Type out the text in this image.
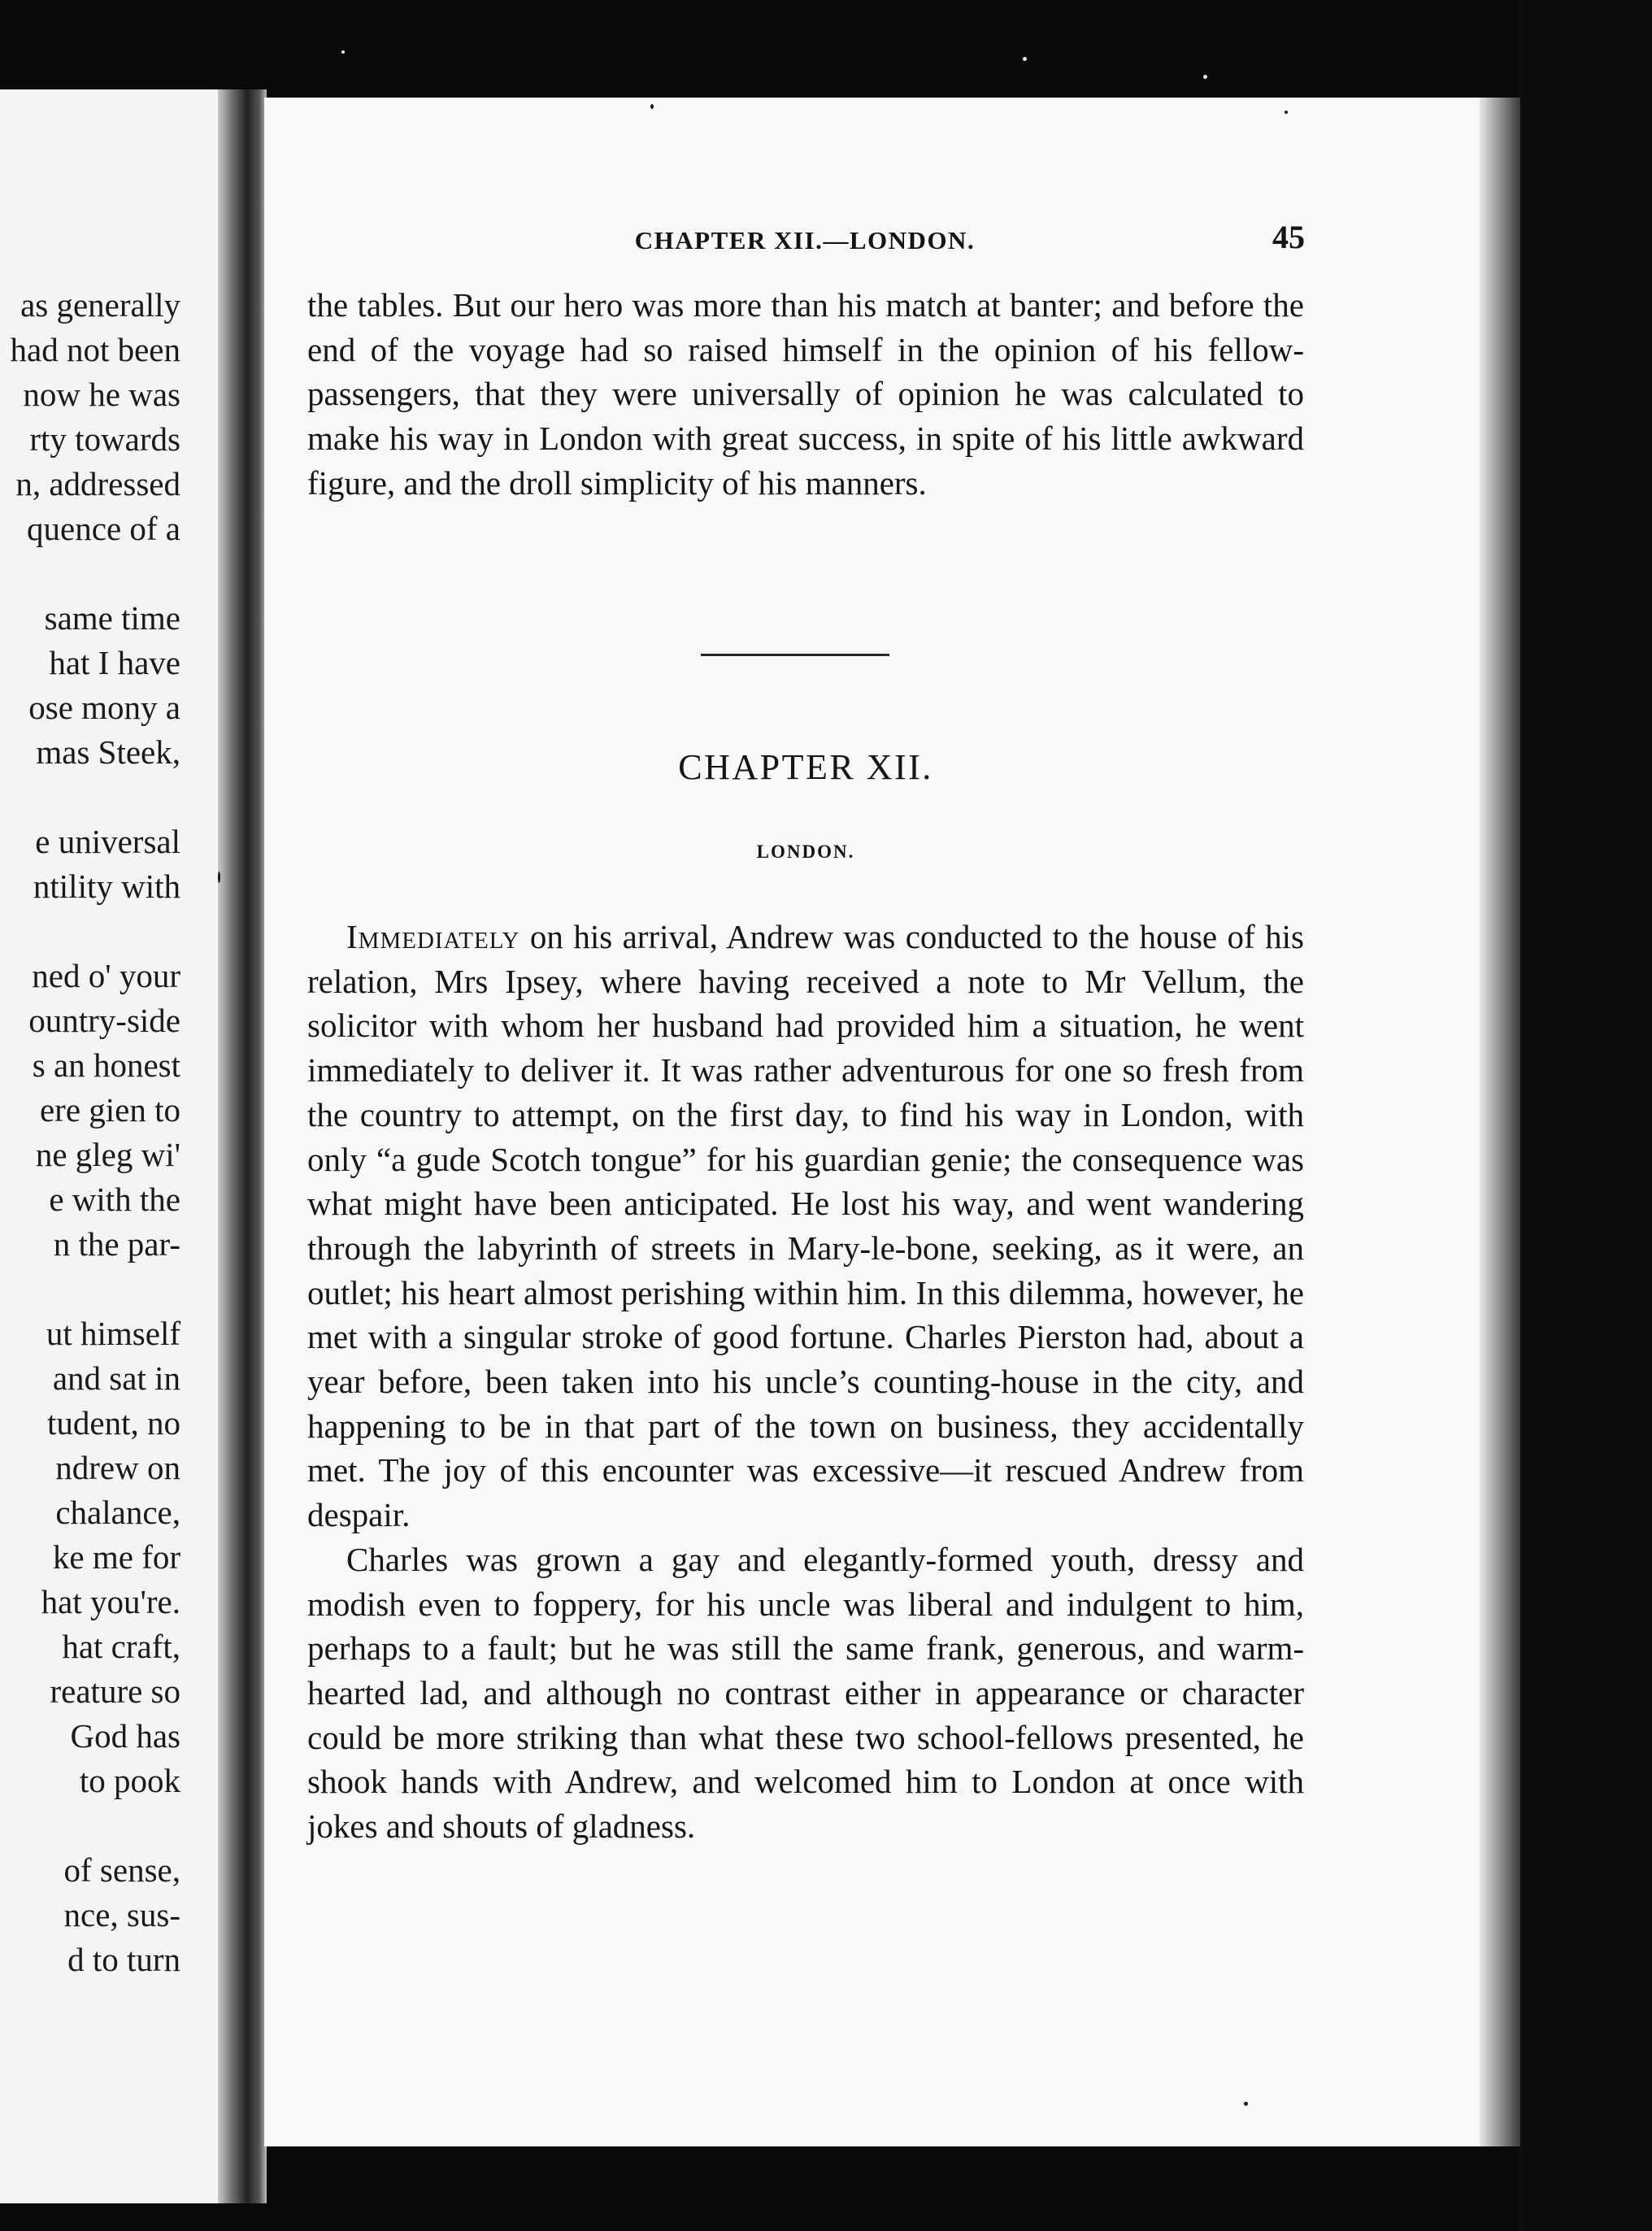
as generally
had not been
now he was
rty towards
n, addressed
quence of a
same time
hat I have
ose mony a
mas Steek,
e universal
ntility with
ned o' your
ountry-side
s an honest
ere gien to
ne gleg wi'
e with the
n the par-
ut himself
and sat in
tudent, no
ndrew on
chalance,
ke me for
hat you're.
hat craft,
reature so
God has
to pook
of sense,
nce, sus-
d to turn
CHAPTER XII.—LONDON.	45

the tables. But our hero was more than his match at banter; and before the end of the voyage had so raised himself in the opinion of his fellow-passengers, that they were universally of opinion he was calculated to make his way in London with great success, in spite of his little awkward figure, and the droll simplicity of his manners.

CHAPTER XII.
LONDON.

Immediately on his arrival, Andrew was conducted to the house of his relation, Mrs Ipsey, where having received a note to Mr Vellum, the solicitor with whom her husband had provided him a situation, he went immediately to deliver it. It was rather adventurous for one so fresh from the country to attempt, on the first day, to find his way in London, with only “a gude Scotch tongue” for his guardian genie; the consequence was what might have been anticipated. He lost his way, and went wandering through the labyrinth of streets in Mary-le-bone, seeking, as it were, an outlet; his heart almost perishing within him. In this dilemma, however, he met with a singular stroke of good fortune. Charles Pierston had, about a year before, been taken into his uncle’s counting-house in the city, and happening to be in that part of the town on business, they accidentally met. The joy of this encounter was excessive—it rescued Andrew from despair.

Charles was grown a gay and elegantly-formed youth, dressy and modish even to foppery, for his uncle was liberal and indulgent to him, perhaps to a fault; but he was still the same frank, generous, and warm-hearted lad, and although no contrast either in appearance or character could be more striking than what these two school-fellows presented, he shook hands with Andrew, and welcomed him to London at once with jokes and shouts of gladness.
